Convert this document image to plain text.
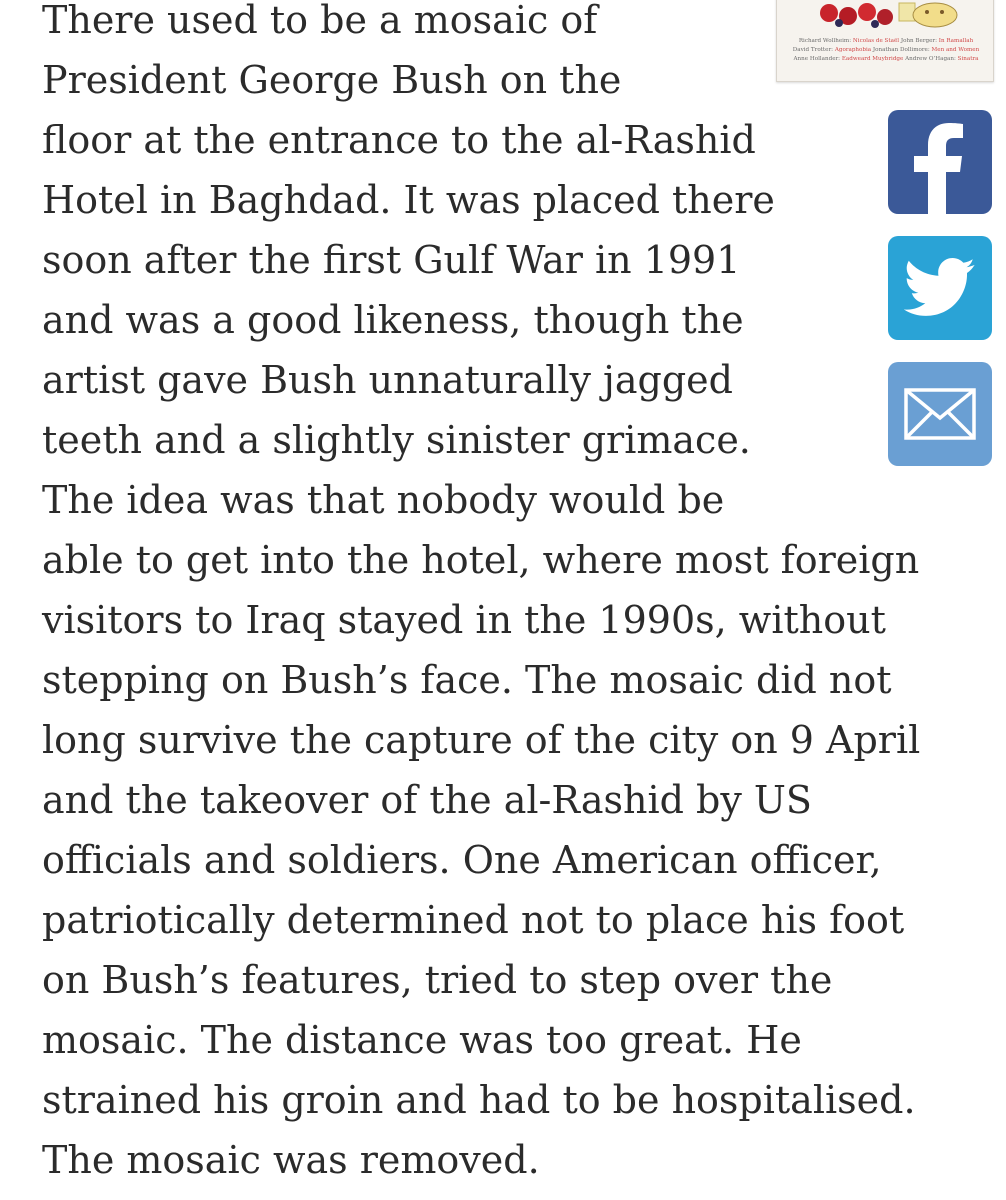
There used to be a mosaic of
President George Bush on the
floor at the entrance to the al-Rashid
Hotel in Baghdad. It was placed there
soon after the first Gulf War in 1991
and was a good likeness, though the
artist gave Bush unnaturally jagged
teeth and a slightly sinister grimace.
The idea was that nobody would be
able to get into the hotel, where most foreign
visitors to Iraq stayed in the 1990s, without
stepping on Bush’s face. The mosaic did not
long survive the capture of the city on 9 April
and the takeover of the al-Rashid by US
officials and soldiers. One American officer,
patriotically determined not to place his foot
on Bush’s features, tried to step over the
mosaic. The distance was too great. He
strained his groin and had to be hospitalised.
The mosaic was removed.
Richard Wollheim: Nicolas de Staël John Berger: In Ramallah
David Trotter: Agoraphobia Jonathan Dollimore: Men and Women
Anne Hollander: Eadweard Muybridge Andrew O’Hagan: Sinatra
